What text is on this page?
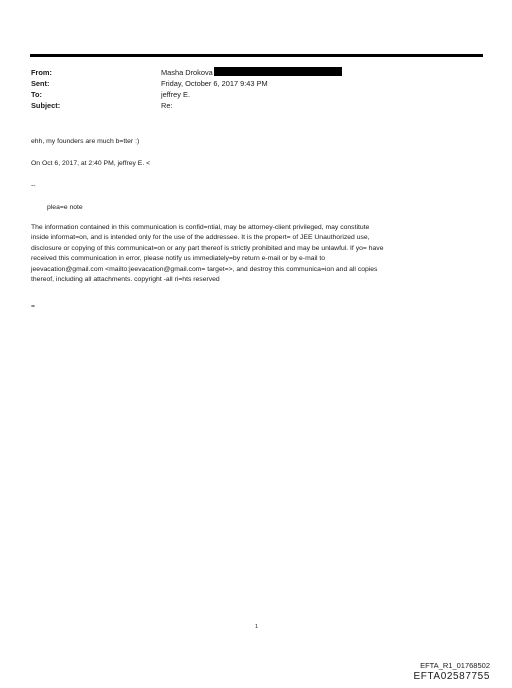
From:	Masha Drokova
Sent:	Friday, October 6, 2017 9:43 PM
To:	jeffrey E.
Subject:	Re:
ehh, my founders are much b=tter :)
On Oct 6, 2017, at 2:40 PM, jeffrey E. <
--
plea=e note
The information contained in this communication is confid=ntial, may be attorney-client privileged, may constitute
inside informat=on, and is intended only for the use of the addressee. It is the propert= of JEE Unauthorized use,
disclosure or copying of this communicat=on or any part thereof is strictly prohibited and may be unlawful. If yo= have
received this communication in error, please notify us immediately=by return e-mail or by e-mail to
jeevacation@gmail.com <mailto:jeevacation@gmail.com= target=>, and destroy this communica=ion and all copies
thereof, including all attachments. copyright -all ri=hts reserved
=
1
EFTA_R1_01768502
EFTA02587755
